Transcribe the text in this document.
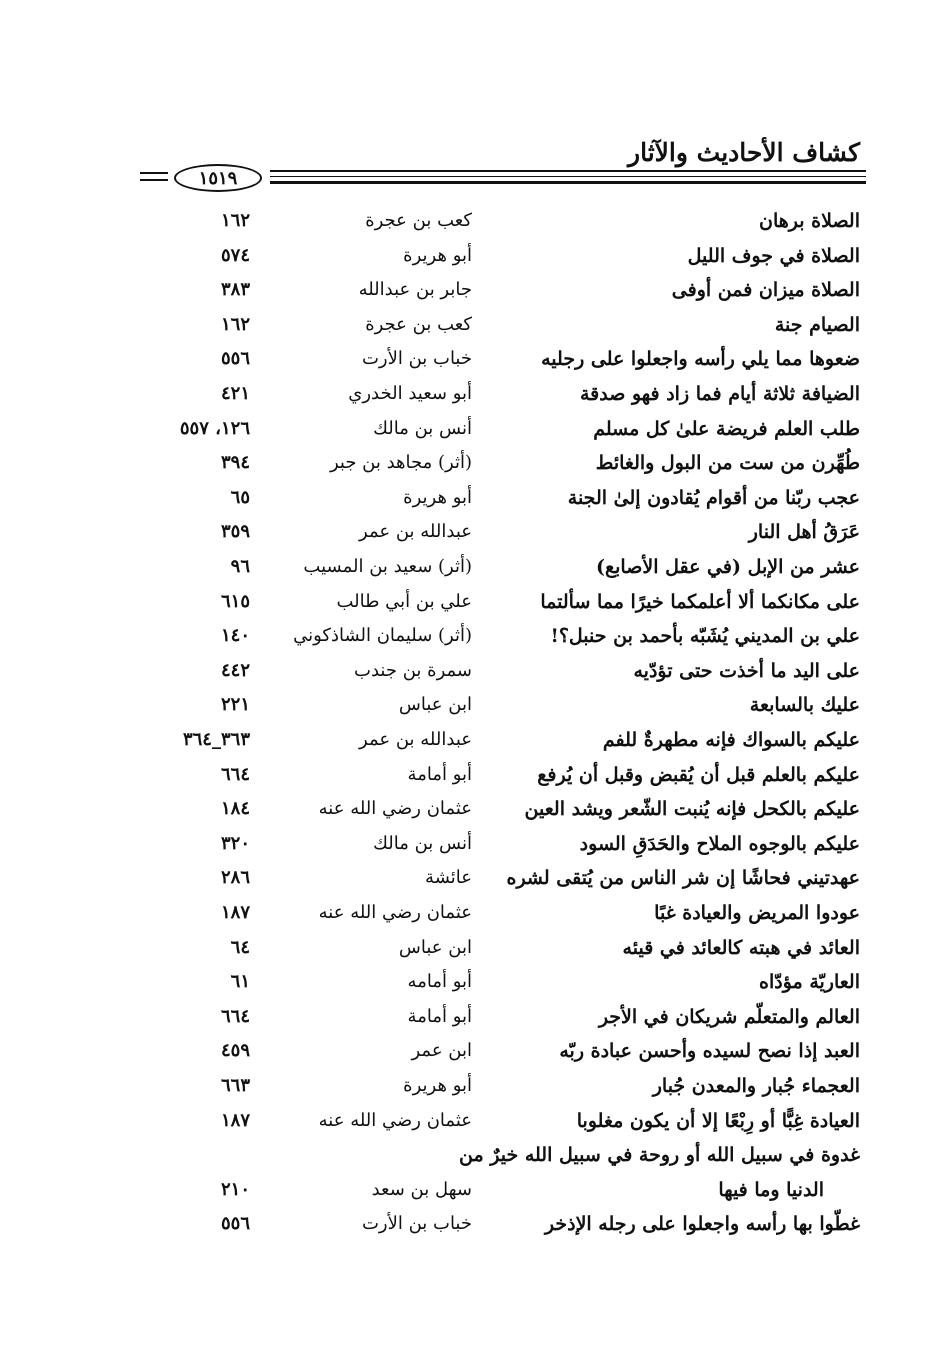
كشاف الأحاديث والآثار
١٥١٩
الصلاة برهان
كعب بن عجرة
١٦٢
الصلاة في جوف الليل
أبو هريرة
٥٧٤
الصلاة ميزان فمن أوفى
جابر بن عبدالله
٣٨٣
الصيام جنة
كعب بن عجرة
١٦٢
ضعوها مما يلي رأسه واجعلوا على رجليه
خباب بن الأرت
٥٥٦
الضيافة ثلاثة أيام فما زاد فهو صدقة
أبو سعيد الخدري
٤٢١
طلب العلم فريضة علىٰ كل مسلم
أنس بن مالك
١٢٦، ٥٥٧
طُهِّرن من ست من البول والغائط
(أثر) مجاهد بن جبر
٣٩٤
عجب ربّنا من أقوام يُقادون إلىٰ الجنة
أبو هريرة
٦٥
عَرَقُ أهل النار
عبدالله بن عمر
٣٥٩
عشر من الإبل (في عقل الأصابع)
(أثر) سعيد بن المسيب
٩٦
على مكانكما ألا أعلمكما خيرًا مما سألتما
علي بن أبي طالب
٦١٥
علي بن المديني يُشَبّه بأحمد بن حنبل؟!
(أثر) سليمان الشاذكوني
١٤٠
على اليد ما أخذت حتى تؤدّيه
سمرة بن جندب
٤٤٢
عليك بالسابعة
ابن عباس
٢٢١
عليكم بالسواك فإنه مطهرةٌ للفم
عبدالله بن عمر
٣٦٣_٣٦٤
عليكم بالعلم قبل أن يُقبض وقبل أن يُرفع
أبو أمامة
٦٦٤
عليكم بالكحل فإنه يُنبت الشّعر ويشد العين
عثمان رضي الله عنه
١٨٤
عليكم بالوجوه الملاح والحَدَقِ السود
أنس بن مالك
٣٢٠
عهدتيني فحاشًا إن شر الناس من يُتقى لشره
عائشة
٢٨٦
عودوا المريض والعيادة غبًا
عثمان رضي الله عنه
١٨٧
العائد في هبته كالعائد في قيئه
ابن عباس
٦٤
العاريّة مؤدّاه
أبو أمامه
٦١
العالم والمتعلّم شريكان في الأجر
أبو أمامة
٦٦٤
العبد إذا نصح لسيده وأحسن عبادة ربّه
ابن عمر
٤٥٩
العجماء جُبار والمعدن جُبار
أبو هريرة
٦٦٣
العيادة غِبًّا أو رِبْعًا إلا أن يكون مغلوبا
عثمان رضي الله عنه
١٨٧
غدوة في سبيل الله أو روحة في سبيل الله خيرٌ من
الدنيا وما فيها
سهل بن سعد
٢١٠
غطّوا بها رأسه واجعلوا على رجله الإذخر
خباب بن الأرت
٥٥٦
